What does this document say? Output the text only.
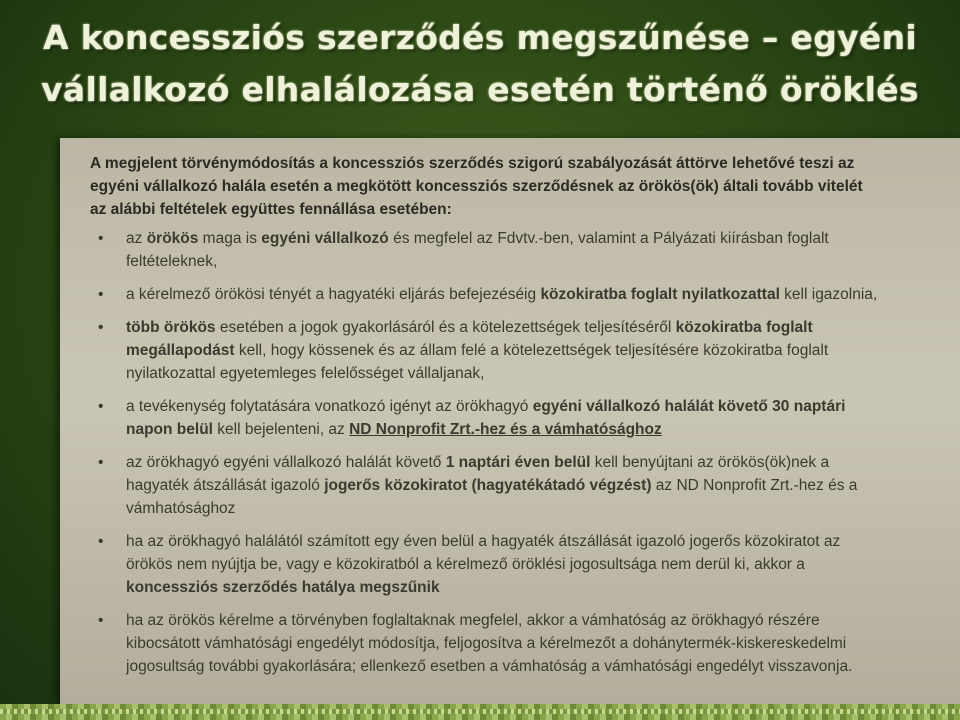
A koncessziós szerződés megszűnése – egyéni
vállalkozó elhalálozása esetén történő öröklés

A megjelent törvénymódosítás a koncessziós szerződés szigorú szabályozását áttörve lehetővé teszi az egyéni vállalkozó halála esetén a megkötött koncessziós szerződésnek az örökös(ök) általi tovább vitelét az alábbi feltételek együttes fennállása esetében:

• az örökös maga is egyéni vállalkozó és megfelel az Fdvtv.-ben, valamint a Pályázati kiírásban foglalt feltételeknek,
• a kérelmező örökösi tényét a hagyatéki eljárás befejezéséig közokiratba foglalt nyilatkozattal kell igazolnia,
• több örökös esetében a jogok gyakorlásáról és a kötelezettségek teljesítéséről közokiratba foglalt megállapodást kell, hogy kössenek és az állam felé a kötelezettségek teljesítésére közokiratba foglalt nyilatkozattal egyetemleges felelősséget vállaljanak,
• a tevékenység folytatására vonatkozó igényt az örökhagyó egyéni vállalkozó halálát követő 30 naptári napon belül kell bejelenteni, az ND Nonprofit Zrt.-hez és a vámhatósághoz
• az örökhagyó egyéni vállalkozó halálát követő 1 naptári éven belül kell benyújtani az örökös(ök)nek a hagyaték átszállását igazoló jogerős közokiratot (hagyatékátadó végzést) az ND Nonprofit Zrt.-hez és a vámhatósághoz
• ha az örökhagyó halálától számított egy éven belül a hagyaték átszállását igazoló jogerős közokiratot az örökös nem nyújtja be, vagy e közokiratból a kérelmező öröklési jogosultsága nem derül ki, akkor a koncessziós szerződés hatálya megszűnik
• ha az örökös kérelme a törvényben foglaltaknak megfelel, akkor a vámhatóság az örökhagyó részére kibocsátott vámhatósági engedélyt módosítja, feljogosítva a kérelmezőt a dohánytermék-kiskereskedelmi jogosultság további gyakorlására; ellenkező esetben a vámhatóság a vámhatósági engedélyt visszavonja.
